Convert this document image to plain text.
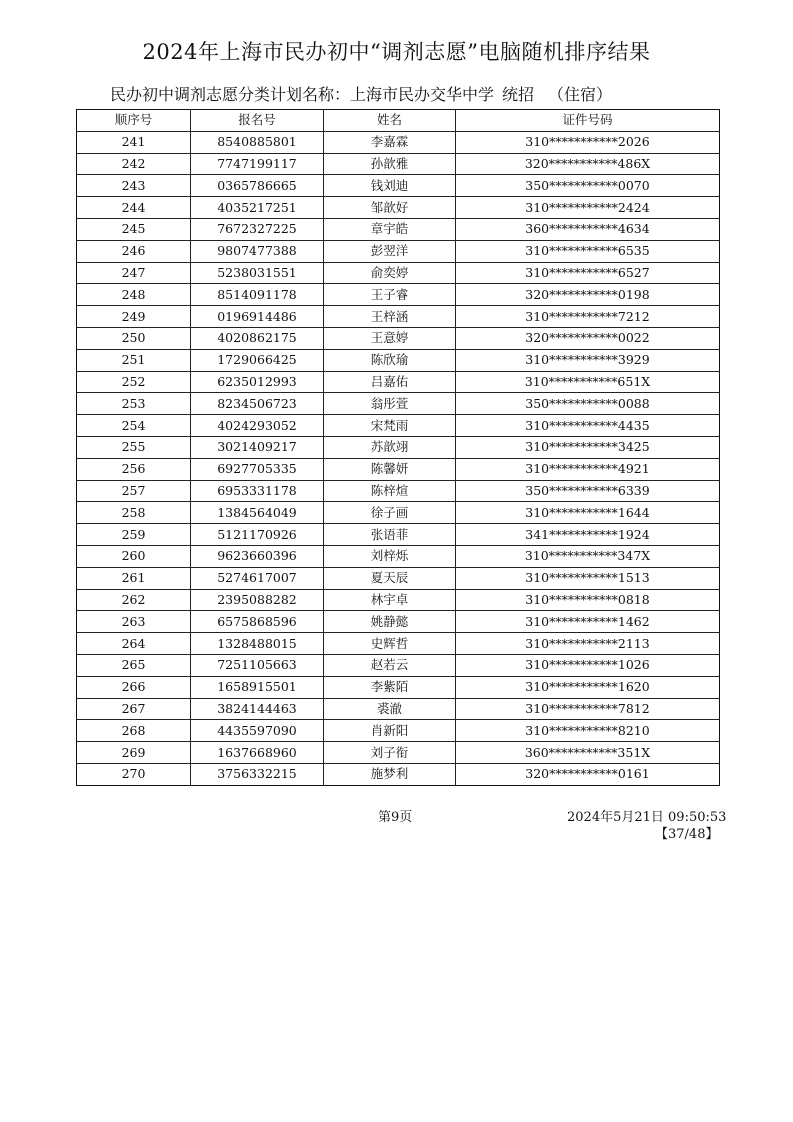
2024年上海市民办初中“调剂志愿”电脑随机排序结果
民办初中调剂志愿分类计划名称：上海市民办交华中学 统招 （住宿）
顺序号	报名号	姓名	证件号码
241	8540885801	李嘉霖	310***********2026
242	7747199117	孙歆雅	320***********486X
243	0365786665	钱刘迪	350***********0070
244	4035217251	邹歆好	310***********2424
245	7672327225	章宇皓	360***********4634
246	9807477388	彭翌洋	310***********6535
247	5238031551	俞奕婷	310***********6527
248	8514091178	王子睿	320***********0198
249	0196914486	王梓涵	310***********7212
250	4020862175	王意婷	320***********0022
251	1729066425	陈欣瑜	310***********3929
252	6235012993	吕嘉佑	310***********651X
253	8234506723	翁彤萱	350***********0088
254	4024293052	宋梵雨	310***********4435
255	3021409217	苏歆翊	310***********3425
256	6927705335	陈馨妍	310***********4921
257	6953331178	陈梓煊	350***********6339
258	1384564049	徐子画	310***********1644
259	5121170926	张语菲	341***********1924
260	9623660396	刘梓烁	310***********347X
261	5274617007	夏天辰	310***********1513
262	2395088282	林宇卓	310***********0818
263	6575868596	姚静懿	310***********1462
264	1328488015	史辉哲	310***********2113
265	7251105663	赵若云	310***********1026
266	1658915501	李紫陌	310***********1620
267	3824144463	裘澈	310***********7812
268	4435597090	肖新阳	310***********8210
269	1637668960	刘子衔	360***********351X
270	3756332215	施梦利	320***********0161
第9页	2024年5月21日 09:50:53
【37/48】
